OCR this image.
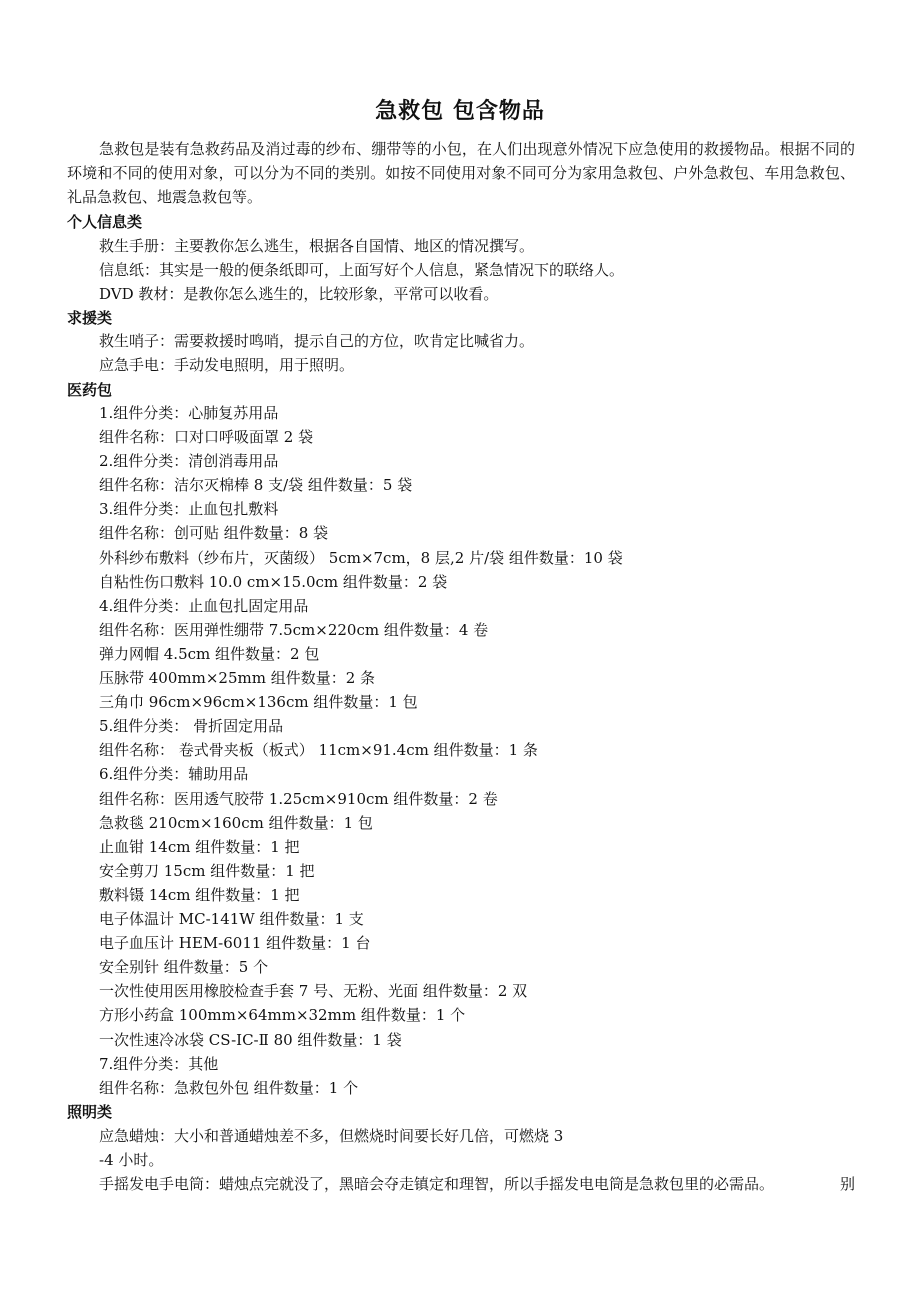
急救包 包含物品

急救包是装有急救药品及消过毒的纱布、绷带等的小包，在人们出现意外情况下应急使用的救援物品。根据不同的环境和不同的使用对象，可以分为不同的类别。如按不同使用对象不同可分为家用急救包、户外急救包、车用急救包、礼品急救包、地震急救包等。

个人信息类
救生手册：主要教你怎么逃生，根据各自国情、地区的情况撰写。
信息纸：其实是一般的便条纸即可，上面写好个人信息，紧急情况下的联络人。
DVD 教材：是教你怎么逃生的，比较形象，平常可以收看。
求援类
救生哨子：需要救援时鸣哨，提示自己的方位，吹肯定比喊省力。
应急手电：手动发电照明，用于照明。
医药包
1.组件分类：心肺复苏用品
组件名称：口对口呼吸面罩 2 袋
2.组件分类：清创消毒用品
组件名称：洁尔灭棉棒 8 支/袋 组件数量：5 袋
3.组件分类：止血包扎敷料
组件名称：创可贴 组件数量：8 袋
外科纱布敷料（纱布片，灭菌级） 5cm×7cm，8 层,2 片/袋 组件数量：10 袋
自粘性伤口敷料 10.0 cm×15.0cm 组件数量：2 袋
4.组件分类：止血包扎固定用品
组件名称：医用弹性绷带 7.5cm×220cm 组件数量：4 卷
弹力网帽 4.5cm 组件数量：2 包
压脉带 400mm×25mm 组件数量：2 条
三角巾 96cm×96cm×136cm 组件数量：1 包
5.组件分类： 骨折固定用品
组件名称： 卷式骨夹板（板式） 11cm×91.4cm 组件数量：1 条
6.组件分类：辅助用品
组件名称：医用透气胶带 1.25cm×910cm 组件数量：2 卷
急救毯 210cm×160cm 组件数量：1 包
止血钳 14cm 组件数量：1 把
安全剪刀 15cm 组件数量：1 把
敷料镊 14cm 组件数量：1 把
电子体温计 MC-141W 组件数量：1 支
电子血压计 HEM-6011 组件数量：1 台
安全别针 组件数量：5 个
一次性使用医用橡胶检查手套 7 号、无粉、光面 组件数量：2 双
方形小药盒 100mm×64mm×32mm 组件数量：1 个
一次性速冷冰袋 CS-IC-Ⅱ 80 组件数量：1 袋
7.组件分类：其他
组件名称：急救包外包 组件数量：1 个
照明类
应急蜡烛：大小和普通蜡烛差不多，但燃烧时间要长好几倍，可燃烧 3
-4 小时。
手摇发电手电筒：蜡烛点完就没了，黑暗会夺走镇定和理智，所以手摇发电电筒是急救包里的必需品。	别
